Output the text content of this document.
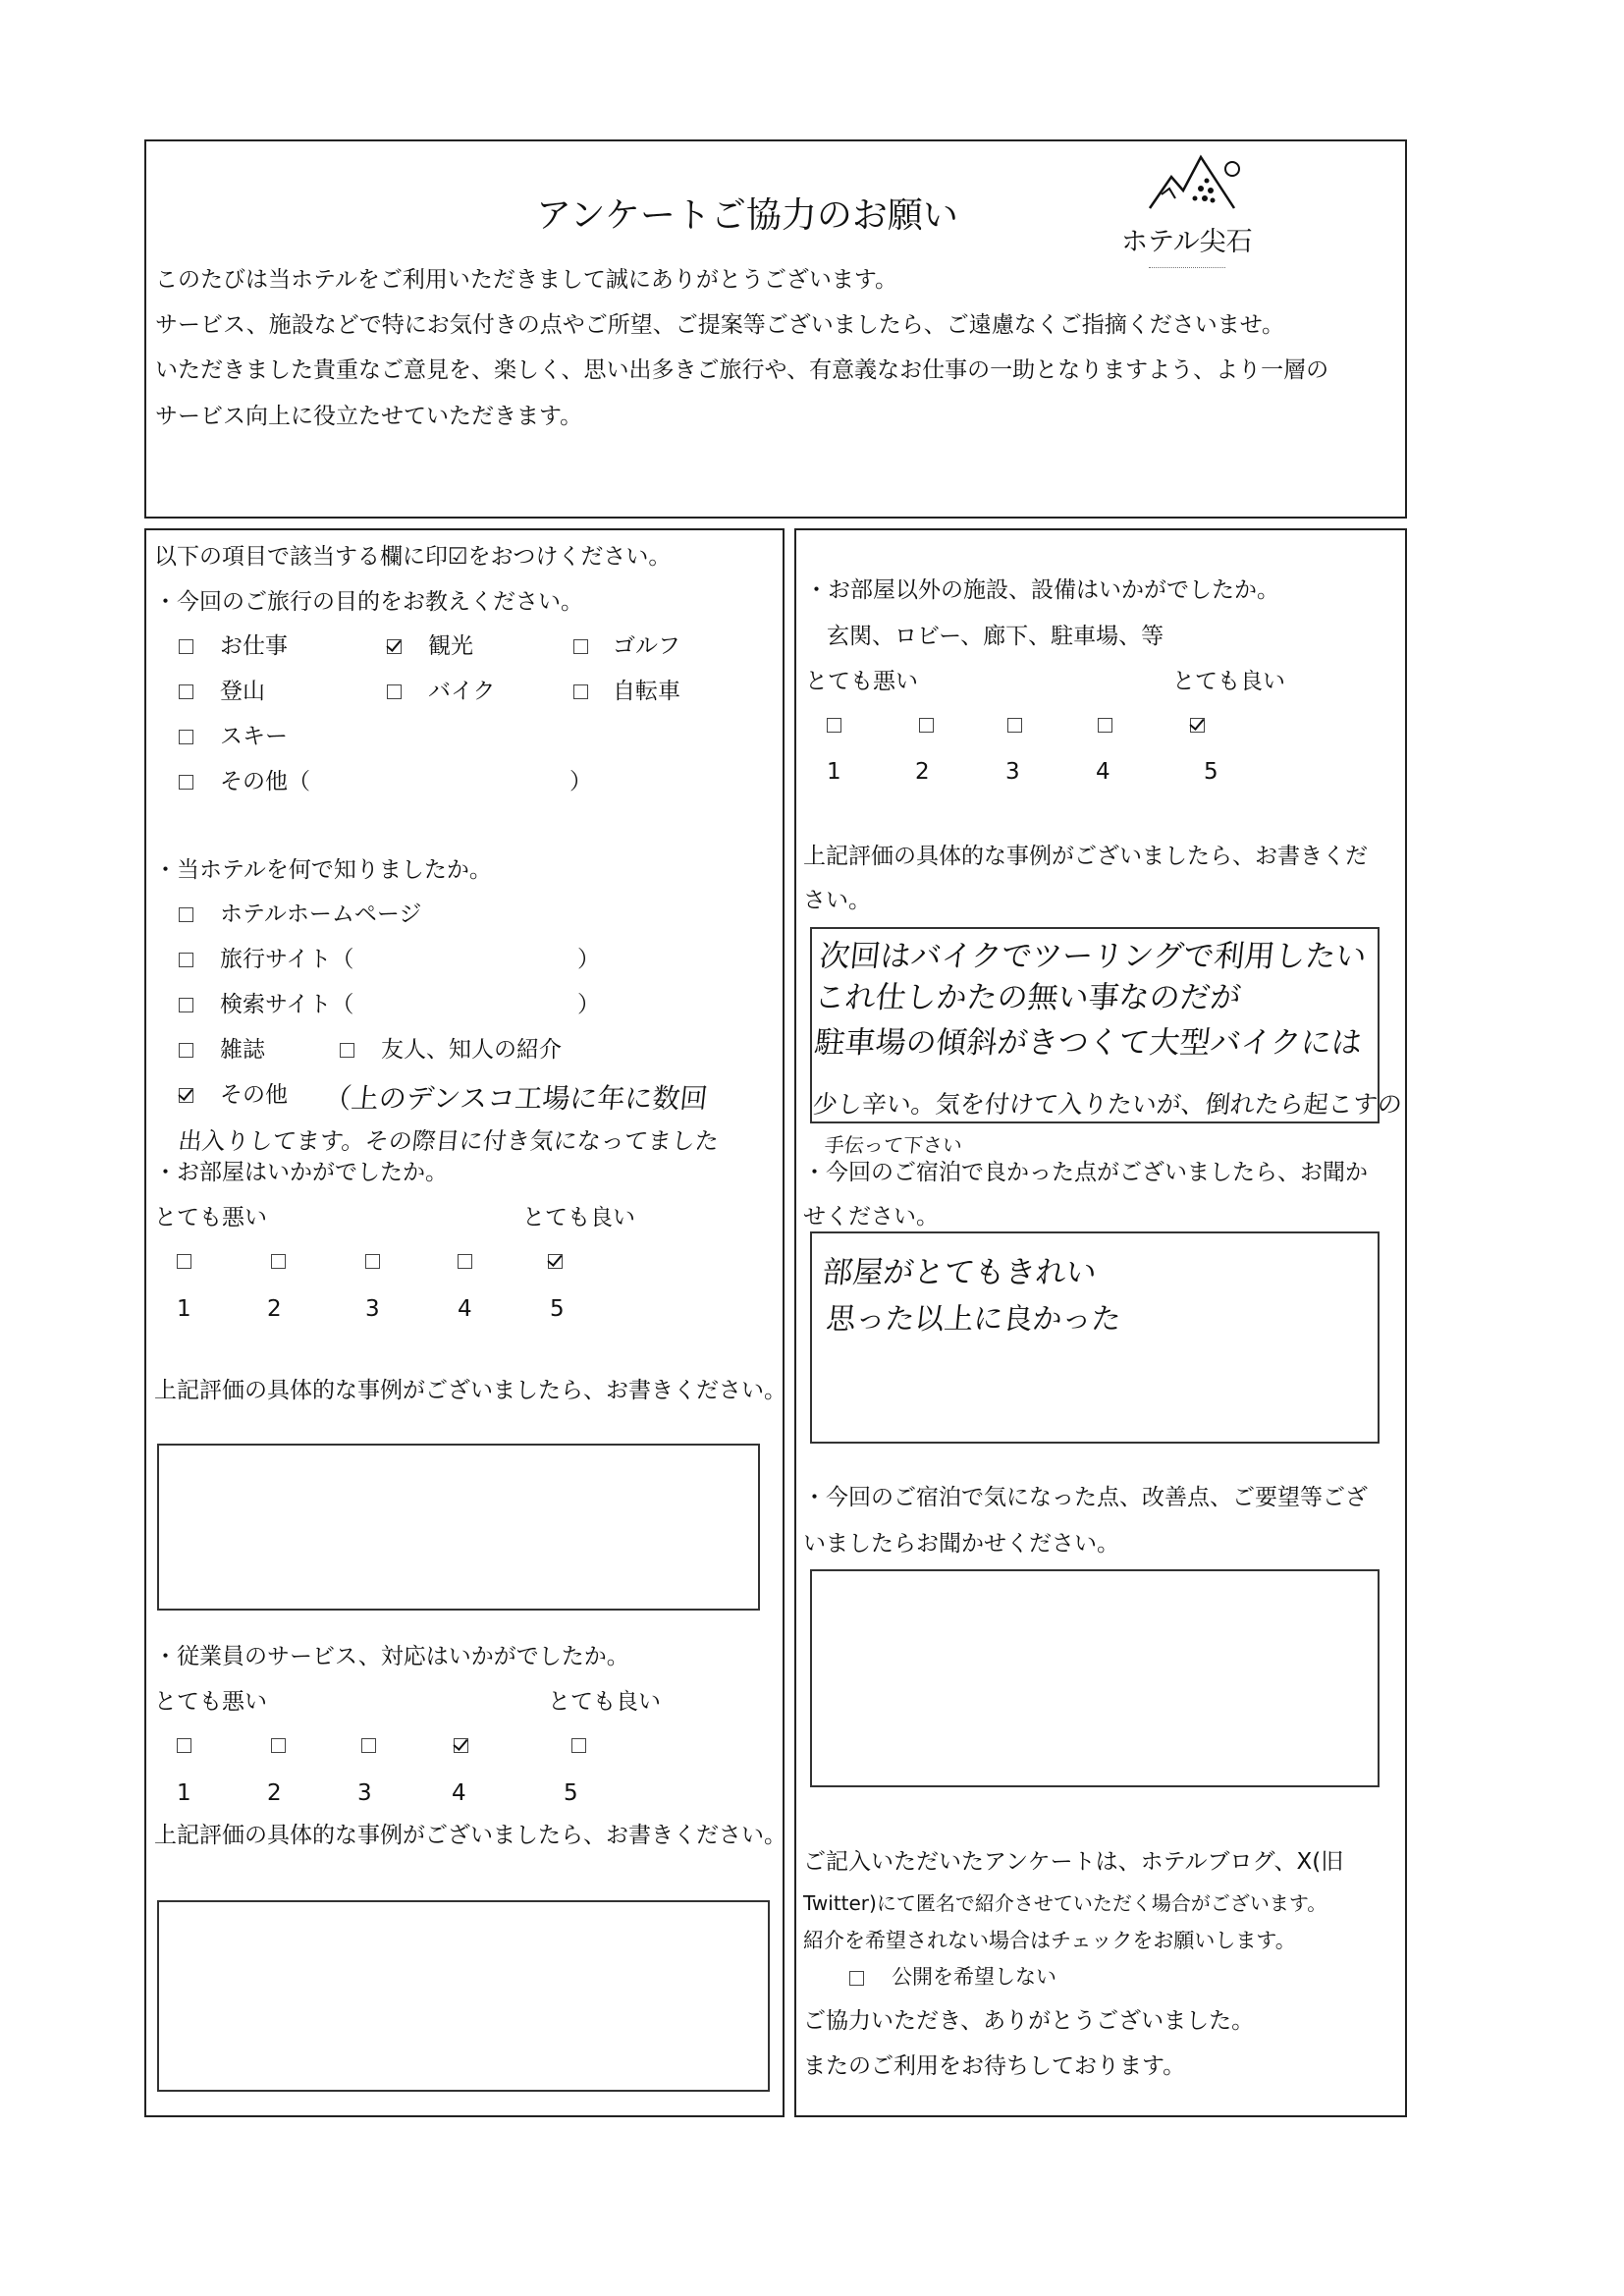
アンケートご協力のお願い
ホテル尖石
このたびは当ホテルをご利用いただきまして誠にありがとうございます。
サービス、施設などで特にお気付きの点やご所望、ご提案等ございましたら、ご遠慮なくご指摘くださいませ。
いただきました貴重なご意見を、楽しく、思い出多きご旅行や、有意義なお仕事の一助となりますよう、より一層の
サービス向上に役立たせていただきます。
以下の項目で該当する欄に印☑をおつけください。
・今回のご旅行の目的をお教えください。
お仕事	観光	ゴルフ
登山	バイク	自転車
スキー
その他（	）
・当ホテルを何で知りましたか。
ホテルホームページ
旅行サイト（	）
検索サイト（	）
雑誌	友人、知人の紹介
その他 （上のデンスコ工場に年に数回
出入りしてます。その際目に付き気になってました
・お部屋はいかがでしたか。
とても悪い	とても良い
1	2	3	4	5
上記評価の具体的な事例がございましたら、お書きください。
・従業員のサービス、対応はいかがでしたか。
とても悪い	とても良い
1	2	3	4	5
上記評価の具体的な事例がございましたら、お書きください。
・お部屋以外の施設、設備はいかがでしたか。
玄関、ロビー、廊下、駐車場、等
とても悪い	とても良い
1	2	3	4	5
上記評価の具体的な事例がございましたら、お書きくだ
さい。
次回はバイクでツーリングで利用したい
これ仕しかたの無い事なのだが
駐車場の傾斜がきつくて大型バイクには
少し辛い。気を付けて入りたいが、倒れたら起こすの
手伝って下さい
・今回のご宿泊で良かった点がございましたら、お聞か
せください。
部屋がとてもきれい
思った以上に良かった
・今回のご宿泊で気になった点、改善点、ご要望等ござ
いましたらお聞かせください。
ご記入いただいたアンケートは、ホテルブログ、X(旧
Twitter)にて匿名で紹介させていただく場合がございます。
紹介を希望されない場合はチェックをお願いします。
公開を希望しない
ご協力いただき、ありがとうございました。
またのご利用をお待ちしております。
